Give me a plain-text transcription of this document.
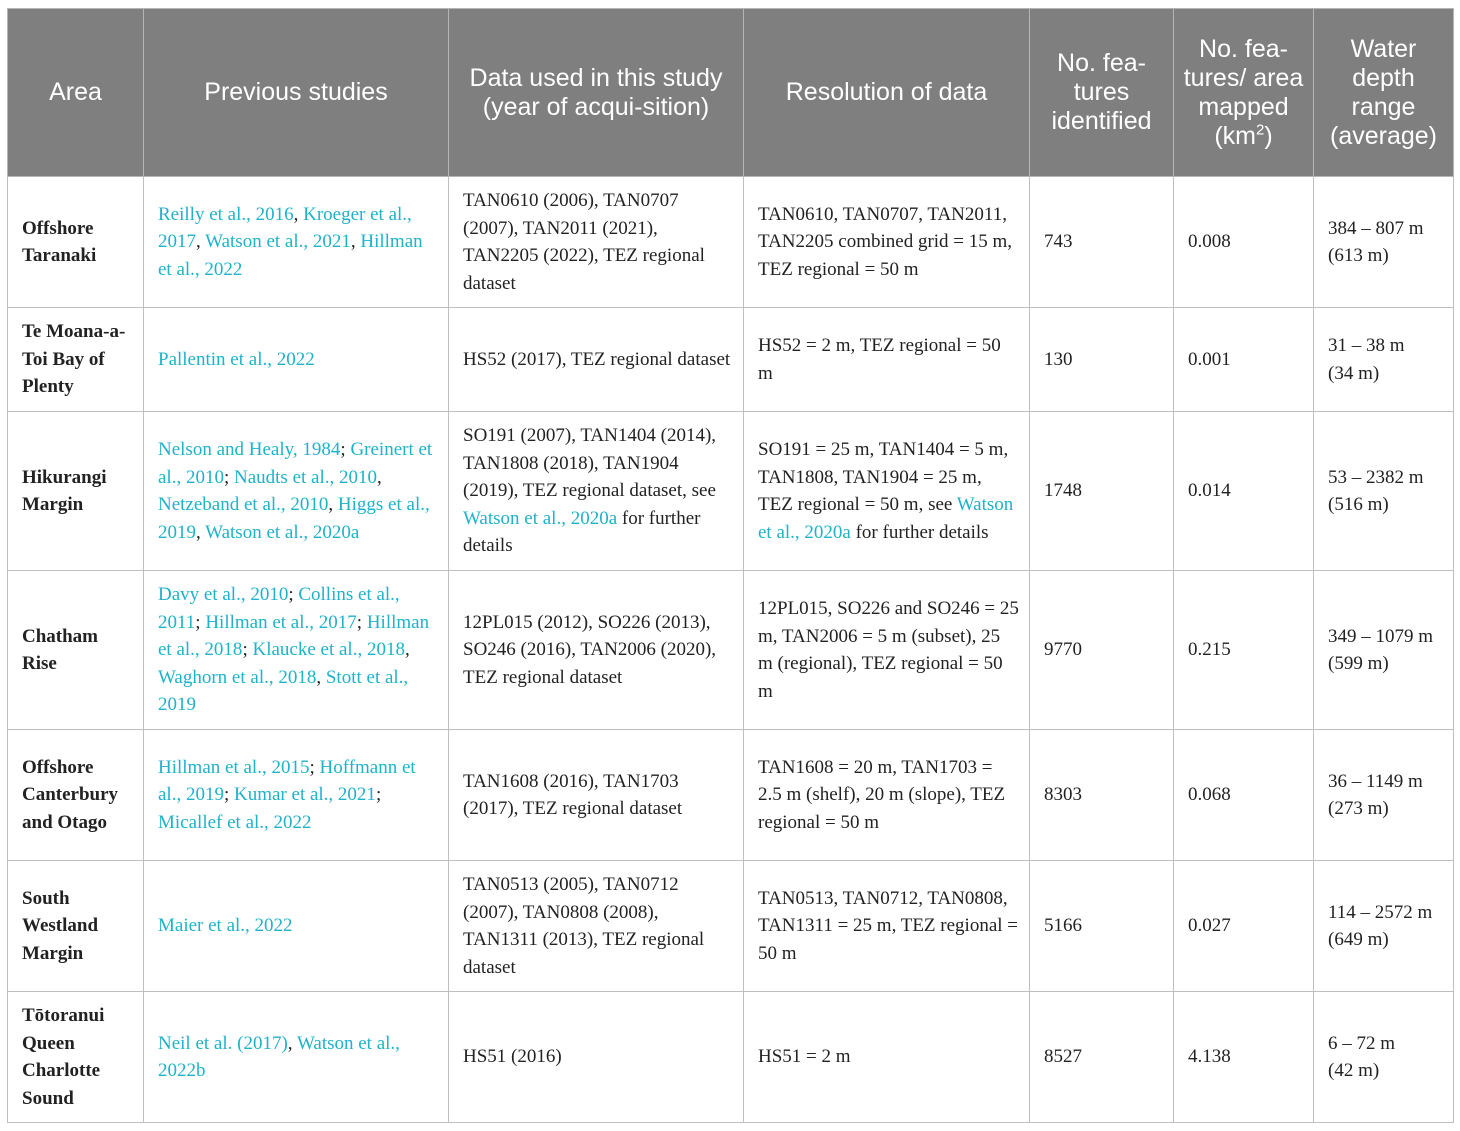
Area	Previous studies	Data used in this study (year of acqui-sition)	Resolution of data	No. fea-tures identified	No. fea-tures/ area mapped $(km^2)$	Water depth range (average)
Offshore Taranaki	Reilly et al., 2016, Kroeger et al., 2017, Watson et al., 2021, Hillman et al., 2022	TAN0610 (2006), TAN0707 (2007), TAN2011 (2021), TAN2205 (2022), TEZ regional dataset	TAN0610, TAN0707, TAN2011, TAN2205 combined grid = 15 m, TEZ regional = 50 m	743	0.008	384 – 807 m
(613 m)
Te Moana-a-Toi Bay of Plenty	Pallentin et al., 2022	HS52 (2017), TEZ regional dataset	HS52 = 2 m, TEZ regional = 50 m	130	0.001	31 – 38 m
(34 m)
Hikurangi Margin	Nelson and Healy, 1984; Greinert et al., 2010; Naudts et al., 2010, Netzeband et al., 2010, Higgs et al., 2019, Watson et al., 2020a	SO191 (2007), TAN1404 (2014), TAN1808 (2018), TAN1904 (2019), TEZ regional dataset, see Watson et al., 2020a for further details	SO191 = 25 m, TAN1404 = 5 m, TAN1808, TAN1904 = 25 m, TEZ regional = 50 m, see Watson et al., 2020a for further details	1748	0.014	53 – 2382 m
(516 m)
Chatham Rise	Davy et al., 2010; Collins et al., 2011; Hillman et al., 2017; Hillman et al., 2018; Klaucke et al., 2018, Waghorn et al., 2018, Stott et al., 2019	12PL015 (2012), SO226 (2013), SO246 (2016), TAN2006 (2020), TEZ regional dataset	12PL015, SO226 and SO246 = 25 m, TAN2006 = 5 m (subset), 25 m (regional), TEZ regional = 50 m	9770	0.215	349 – 1079 m
(599 m)
Offshore Canterbury and Otago	Hillman et al., 2015; Hoffmann et al., 2019; Kumar et al., 2021; Micallef et al., 2022	TAN1608 (2016), TAN1703 (2017), TEZ regional dataset	TAN1608 = 20 m, TAN1703 = 2.5 m (shelf), 20 m (slope), TEZ regional = 50 m	8303	0.068	36 – 1149 m
(273 m)
South Westland Margin	Maier et al., 2022	TAN0513 (2005), TAN0712 (2007), TAN0808 (2008), TAN1311 (2013), TEZ regional dataset	TAN0513, TAN0712, TAN0808, TAN1311 = 25 m, TEZ regional = 50 m	5166	0.027	114 – 2572 m
(649 m)
Tōtoranui Queen Charlotte Sound	Neil et al. (2017), Watson et al., 2022b	HS51 (2016)	HS51 = 2 m	8527	4.138	6 – 72 m
(42 m)
